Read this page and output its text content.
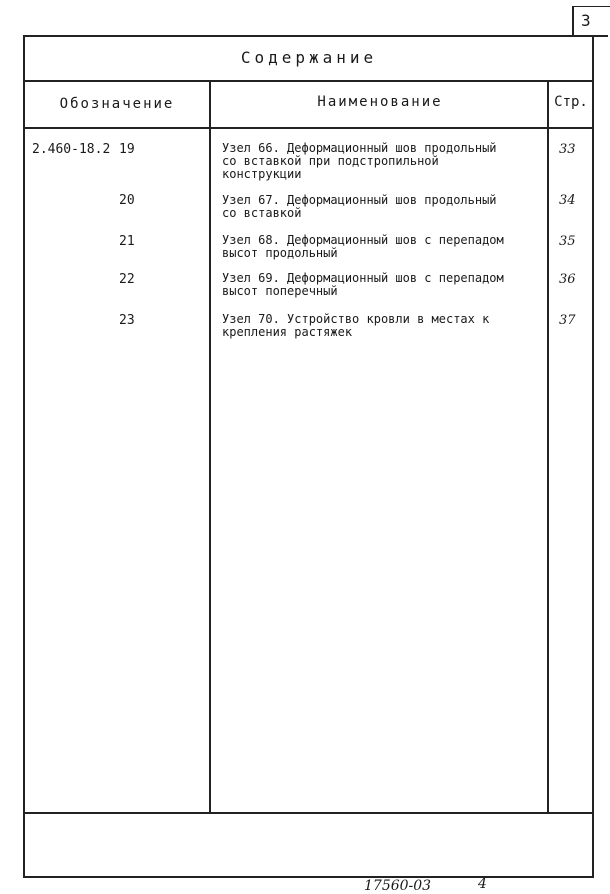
3
Содержание
Обозначение	Наименование	Стр.
2.460-18.2 19	Узел 66. Деформационный шов продольный
со вставкой при подстропильной
конструкции
33
20	Узел 67. Деформационный шов продольный
со вставкой
34
21	Узел 68. Деформационный шов с перепадом
высот продольный
35
22	Узел 69. Деформационный шов с перепадом
высот поперечный
36
23	Узел 70. Устройство кровли в местах к
крепления растяжек
37
17560-03	4
